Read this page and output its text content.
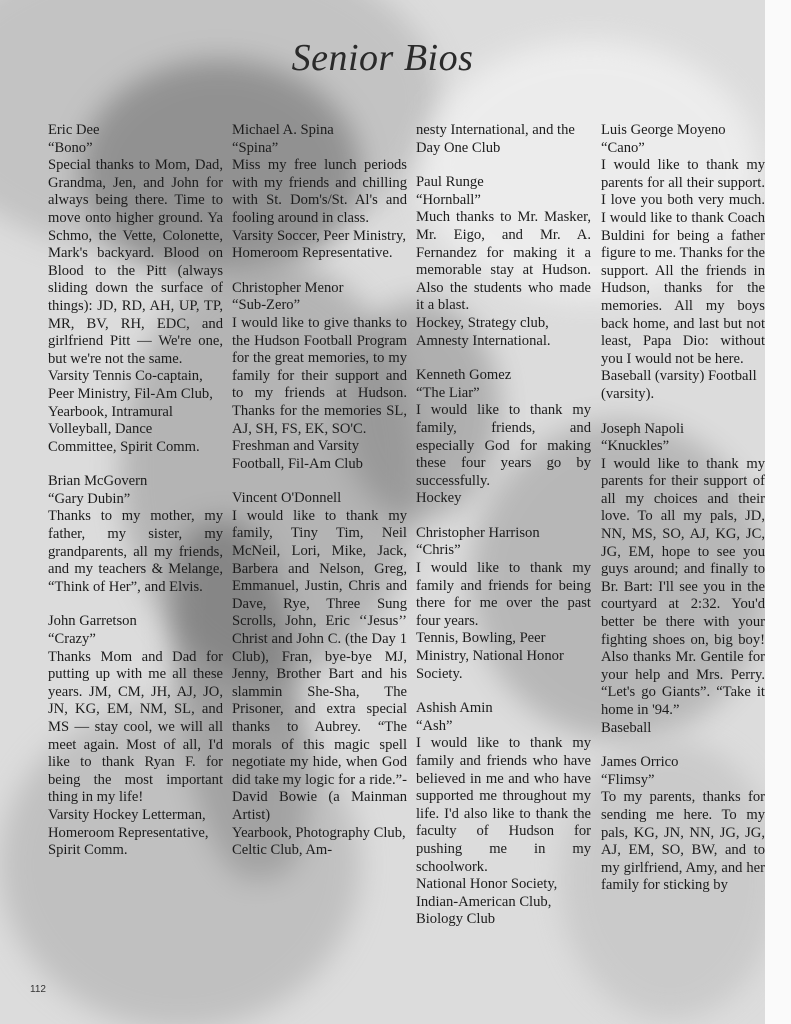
Senior Bios
Eric Dee
“Bono”
Special thanks to Mom, Dad, Grandma, Jen, and John for always being there. Time to move onto higher ground. Ya Schmo, the Vette, Colonette, Mark's backyard. Blood on Blood to the Pitt (always sliding down the surface of things): JD, RD, AH, UP, TP, MR, BV, RH, EDC, and girlfriend Pitt — We're one, but we're not the same.
Varsity Tennis Co-captain, Peer Ministry, Fil-Am Club, Yearbook, Intramural Volleyball, Dance Committee, Spirit Comm.
Brian McGovern
“Gary Dubin”
Thanks to my mother, my father, my sister, my grandparents, all my friends, and my teachers & Melange, “Think of Her”, and Elvis.
John Garretson
“Crazy”
Thanks Mom and Dad for putting up with me all these years. JM, CM, JH, AJ, JO, JN, KG, EM, NM, SL, and MS — stay cool, we will all meet again. Most of all, I'd like to thank Ryan F. for being the most important thing in my life!
Varsity Hockey Letterman, Homeroom Representative, Spirit Comm.
Michael A. Spina
“Spina”
Miss my free lunch periods with my friends and chilling with St. Dom's/St. Al's and fooling around in class.
Varsity Soccer, Peer Ministry, Homeroom Representative.
Christopher Menor
“Sub-Zero”
I would like to give thanks to the Hudson Football Program for the great memories, to my family for their support and to my friends at Hudson. Thanks for the memories SL, AJ, SH, FS, EK, SO'C.
Freshman and Varsity Football, Fil-Am Club
Vincent O'Donnell
I would like to thank my family, Tiny Tim, Neil McNeil, Lori, Mike, Jack, Barbera and Nelson, Greg, Emmanuel, Justin, Chris and Dave, Rye, Three Sung Scrolls, John, Eric ‘‘Jesus’’ Christ and John C. (the Day 1 Club), Fran, bye-bye MJ, Jenny, Brother Bart and his slammin She-Sha, The Prisoner, and extra special thanks to Aubrey. “The morals of this magic spell negotiate my hide, when God did take my logic for a ride.”-David Bowie (a Mainman Artist)
Yearbook, Photography Club, Celtic Club, Am-
nesty International, and the Day One Club
Paul Runge
“Hornball”
Much thanks to Mr. Masker, Mr. Eigo, and Mr. A. Fernandez for making it a memorable stay at Hudson. Also the students who made it a blast.
Hockey, Strategy club, Amnesty International.
Kenneth Gomez
“The Liar”
I would like to thank my family, friends, and especially God for making these four years go by successfully.
Hockey
Christopher Harrison
“Chris”
I would like to thank my family and friends for being there for me over the past four years.
Tennis, Bowling, Peer Ministry, National Honor Society.
Ashish Amin
“Ash”
I would like to thank my family and friends who have believed in me and who have supported me throughout my life. I'd also like to thank the faculty of Hudson for pushing me in my schoolwork.
National Honor Society, Indian-American Club, Biology Club
Luis George Moyeno
“Cano”
I would like to thank my parents for all their support. I love you both very much. I would like to thank Coach Buldini for being a father figure to me. Thanks for the support. All the friends in Hudson, thanks for the memories. All my boys back home, and last but not least, Papa Dio: without you I would not be here.
Baseball (varsity) Football (varsity).
Joseph Napoli
“Knuckles”
I would like to thank my parents for their support of all my choices and their love. To all my pals, JD, NN, MS, SO, AJ, KG, JC, JG, EM, hope to see you guys around; and finally to Br. Bart: I'll see you in the courtyard at 2:32. You'd better be there with your fighting shoes on, big boy! Also thanks Mr. Gentile for your help and Mrs. Perry. “Let's go Giants”. “Take it home in '94.”
Baseball
James Orrico
“Flimsy”
To my parents, thanks for sending me here. To my pals, KG, JN, NN, JG, JG, AJ, EM, SO, BW, and to my girlfriend, Amy, and her family for sticking by
112
